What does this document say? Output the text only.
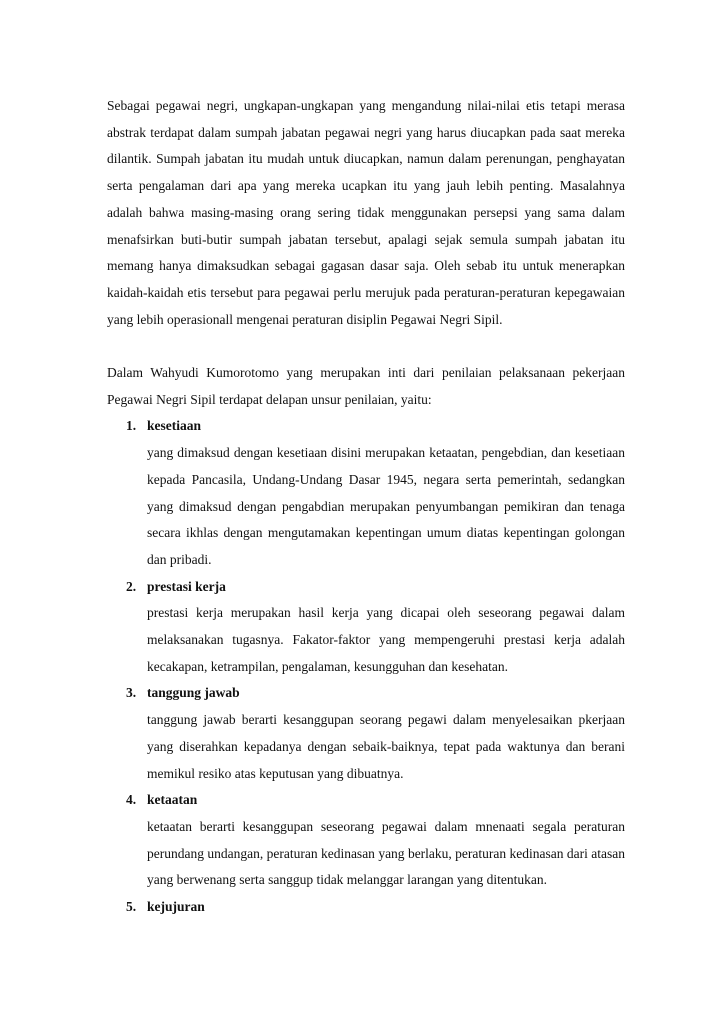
Sebagai pegawai negri, ungkapan-ungkapan yang mengandung nilai-nilai etis tetapi merasa abstrak terdapat dalam sumpah jabatan pegawai negri yang harus diucapkan pada saat mereka dilantik. Sumpah jabatan itu mudah untuk diucapkan, namun dalam perenungan, penghayatan serta pengalaman dari apa yang mereka ucapkan itu yang jauh lebih penting. Masalahnya adalah bahwa masing-masing orang sering tidak menggunakan persepsi yang sama dalam menafsirkan buti-butir sumpah jabatan tersebut, apalagi sejak semula sumpah jabatan itu memang hanya dimaksudkan sebagai gagasan dasar saja. Oleh sebab itu untuk menerapkan kaidah-kaidah etis tersebut para pegawai perlu merujuk pada peraturan-peraturan kepegawaian yang lebih operasionall mengenai peraturan disiplin Pegawai Negri Sipil.

Dalam Wahyudi Kumorotomo yang merupakan inti dari penilaian pelaksanaan pekerjaan Pegawai Negri Sipil terdapat delapan unsur penilaian, yaitu:

1. kesetiaan
yang dimaksud dengan kesetiaan disini merupakan ketaatan, pengebdian, dan kesetiaan kepada Pancasila, Undang-Undang Dasar 1945, negara serta pemerintah, sedangkan yang dimaksud dengan pengabdian merupakan penyumbangan pemikiran dan tenaga secara ikhlas dengan mengutamakan kepentingan umum diatas kepentingan golongan dan pribadi.
2. prestasi kerja
prestasi kerja merupakan hasil kerja yang dicapai oleh seseorang pegawai dalam melaksanakan tugasnya. Fakator-faktor yang mempengeruhi prestasi kerja adalah kecakapan, ketrampilan, pengalaman, kesungguhan dan kesehatan.
3. tanggung jawab
tanggung jawab berarti kesanggupan seorang pegawi dalam menyelesaikan pkerjaan yang diserahkan kepadanya dengan sebaik-baiknya, tepat pada waktunya dan berani memikul resiko atas keputusan yang dibuatnya.
4. ketaatan
ketaatan berarti kesanggupan seseorang pegawai dalam mnenaati segala peraturan perundang undangan, peraturan kedinasan yang berlaku, peraturan kedinasan dari atasan yang berwenang serta sanggup tidak melanggar larangan yang ditentukan.
5. kejujuran
